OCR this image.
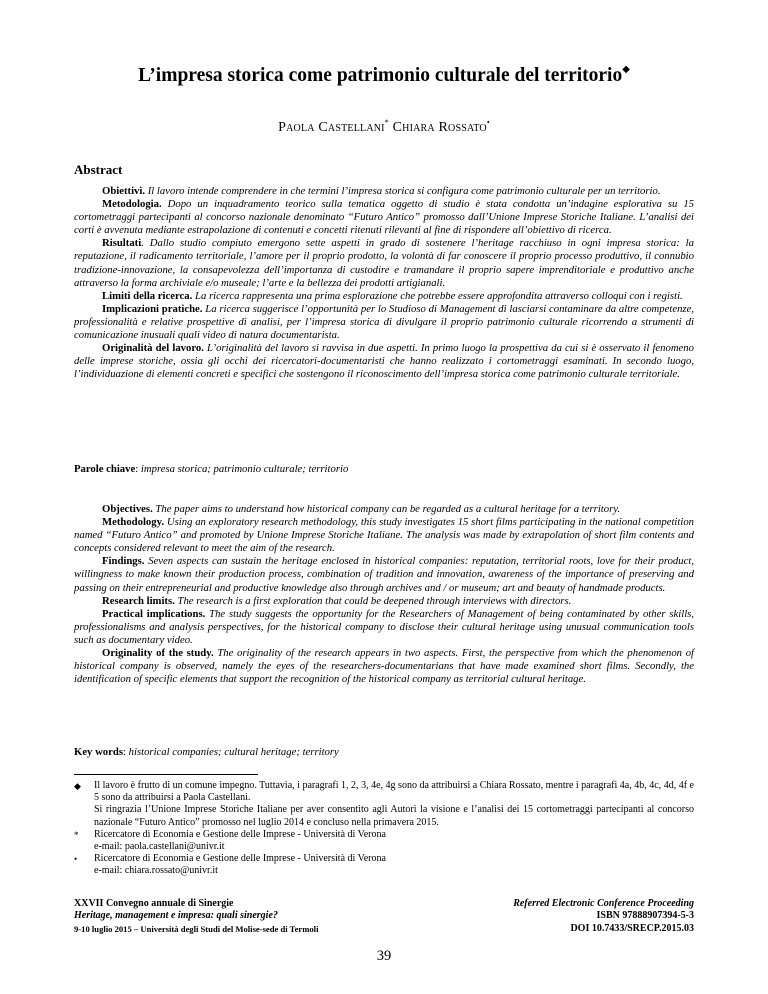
L’impresa storica come patrimonio culturale del territorio◆
Paola Castellani* Chiara Rossato•
Abstract

Obiettivi. Il lavoro intende comprendere in che termini l’impresa storica si configura come patrimonio culturale per un territorio.

Metodologia. Dopo un inquadramento teorico sulla tematica oggetto di studio è stata condotta un’indagine esplorativa su 15 cortometraggi partecipanti al concorso nazionale denominato “Futuro Antico” promosso dall’Unione Imprese Storiche Italiane. L’analisi dei corti è avvenuta mediante estrapolazione di contenuti e concetti ritenuti rilevanti al fine di rispondere all’obiettivo di ricerca.

Risultati. Dallo studio compiuto emergono sette aspetti in grado di sostenere l’heritage racchiuso in ogni impresa storica: la reputazione, il radicamento territoriale, l’amore per il proprio prodotto, la volontà di far conoscere il proprio processo produttivo, il connubio tradizione-innovazione, la consapevolezza dell’importanza di custodire e tramandare il proprio sapere imprenditoriale e produttivo anche attraverso la forma archiviale e/o museale; l’arte e la bellezza dei prodotti artigianali.

Limiti della ricerca. La ricerca rappresenta una prima esplorazione che potrebbe essere approfondita attraverso colloqui con i registi.

Implicazioni pratiche. La ricerca suggerisce l’opportunità per lo Studioso di Management di lasciarsi contaminare da altre competenze, professionalità e relative prospettive di analisi, per l’impresa storica di divulgare il proprio patrimonio culturale ricorrendo a strumenti di comunicazione inusuali quali video di natura documentarista.

Originalità del lavoro. L’originalità del lavoro si ravvisa in due aspetti. In primo luogo la prospettiva da cui si è osservato il fenomeno delle imprese storiche, ossia gli occhi dei ricercatori-documentaristi che hanno realizzato i cortometraggi esaminati. In secondo luogo, l’individuazione di elementi concreti e specifici che sostengono il riconoscimento dell’impresa storica come patrimonio culturale territoriale.

Parole chiave: impresa storica; patrimonio culturale; territorio

Objectives. The paper aims to understand how historical company can be regarded as a cultural heritage for a territory.

Methodology. Using an exploratory research methodology, this study investigates 15 short films participating in the national competition named “Futuro Antico” and promoted by Unione Imprese Storiche Italiane. The analysis was made by extrapolation of short film contents and concepts considered relevant to meet the aim of the research.

Findings. Seven aspects can sustain the heritage enclosed in historical companies: reputation, territorial roots, love for their product, willingness to make known their production process, combination of tradition and innovation, awareness of the importance of preserving and passing on their entrepreneurial and productive knowledge also through archives and / or museum; art and beauty of handmade products.

Research limits. The research is a first exploration that could be deepened through interviews with directors.

Practical implications. The study suggests the opportunity for the Researchers of Management of being contaminated by other skills, professionalisms and analysis perspectives, for the historical company to disclose their cultural heritage using unusual communication tools such as documentary video.

Originality of the study. The originality of the research appears in two aspects. First, the perspective from which the phenomenon of historical company is observed, namely the eyes of the researchers-documentarians that have made examined short films. Secondly, the identification of specific elements that support the recognition of the historical company as territorial cultural heritage.

Key words: historical companies; cultural heritage; territory

◆ Il lavoro è frutto di un comune impegno. Tuttavia, i paragrafi 1, 2, 3, 4e, 4g sono da attribuirsi a Chiara Rossato, mentre i paragrafi 4a, 4b, 4c, 4d, 4f e 5 sono da attribuirsi a Paola Castellani.
Si ringrazia l’Unione Imprese Storiche Italiane per aver consentito agli Autori la visione e l’analisi dei 15 cortometraggi partecipanti al concorso nazionale “Futuro Antico” promosso nel luglio 2014 e concluso nella primavera 2015.
* Ricercatore di Economia e Gestione delle Imprese - Università di Verona
e-mail: paola.castellani@univr.it
• Ricercatore di Economia e Gestione delle Imprese - Università di Verona
e-mail: chiara.rossato@univr.it
XXVII Convegno annuale di Sinergie
Heritage, management e impresa: quali sinergie?
9-10 luglio 2015 – Università degli Studi del Molise-sede di Termoli
Referred Electronic Conference Proceeding
ISBN 97888907394-5-3
DOI 10.7433/SRECP.2015.03
39
